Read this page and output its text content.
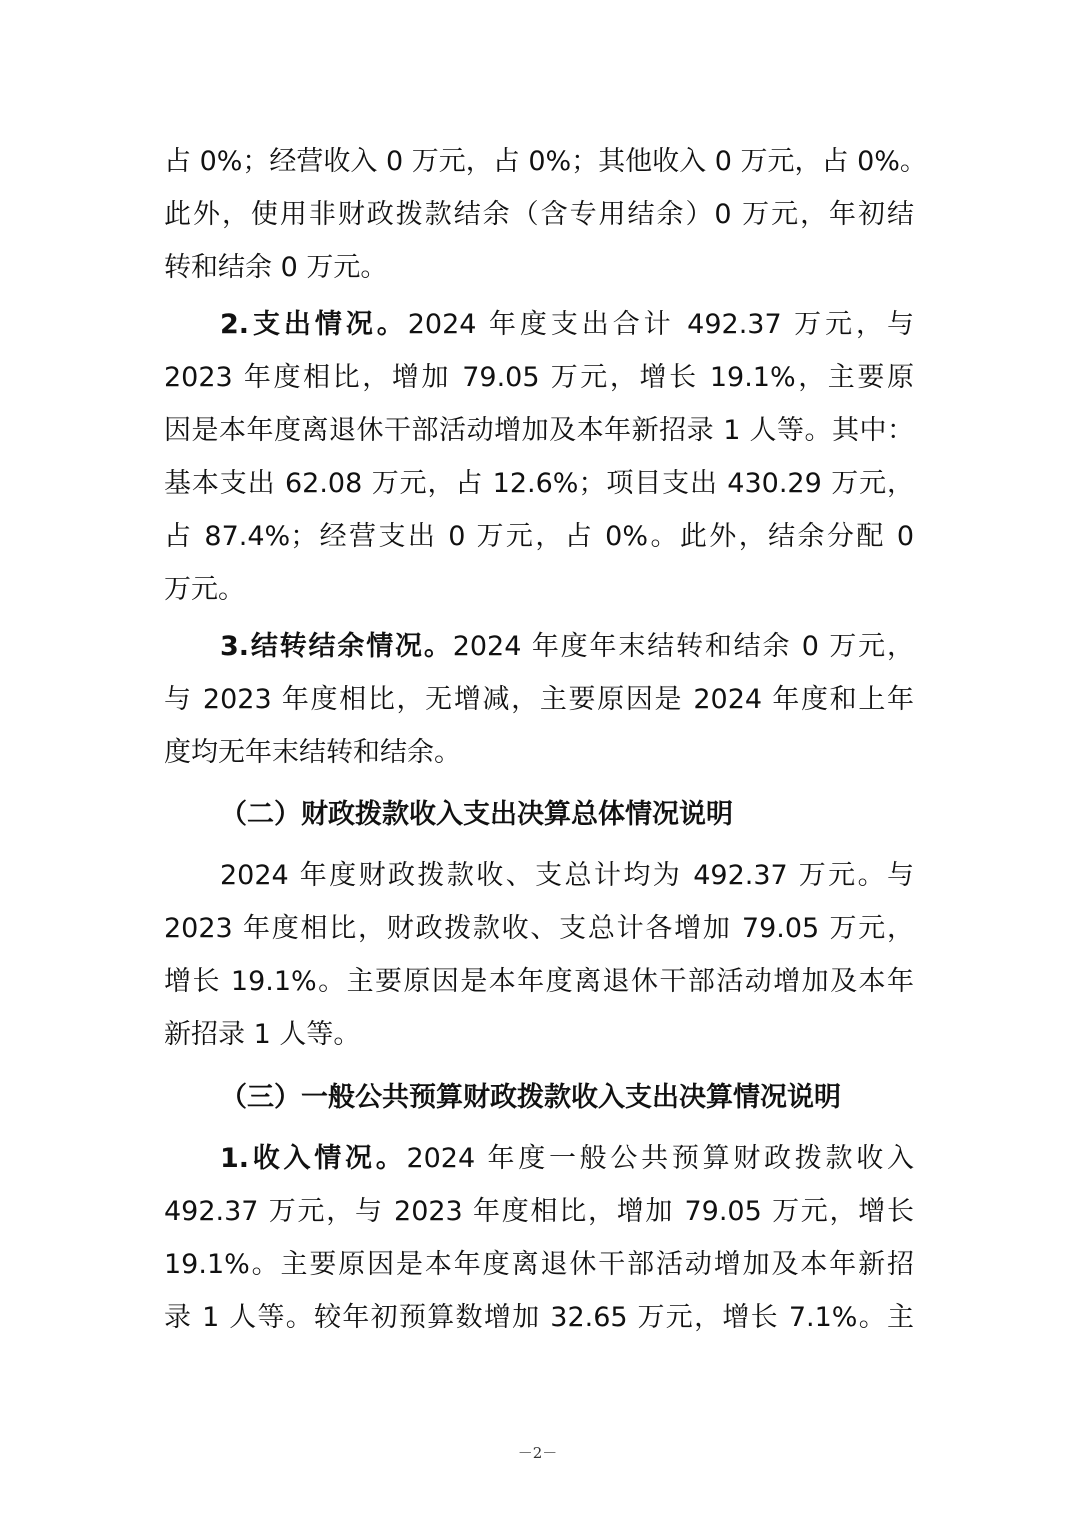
占 0%；经营收入 0 万元，占 0%；其他收入 0 万元，占 0%。
此外，使用非财政拨款结余（含专用结余）0 万元，年初结
转和结余 0 万元。
2.支出情况。2024 年度支出合计 492.37 万元，与
2023 年度相比，增加 79.05 万元，增长 19.1%，主要原
因是本年度离退休干部活动增加及本年新招录 1 人等。其中：
基本支出 62.08 万元，占 12.6%；项目支出 430.29 万元，
占 87.4%；经营支出 0 万元，占 0%。此外，结余分配 0
万元。
3.结转结余情况。2024 年度年末结转和结余 0 万元，
与 2023 年度相比，无增减，主要原因是 2024 年度和上年
度均无年末结转和结余。
（二）财政拨款收入支出决算总体情况说明
2024 年度财政拨款收、支总计均为 492.37 万元。与
2023 年度相比，财政拨款收、支总计各增加 79.05 万元，
增长 19.1%。主要原因是本年度离退休干部活动增加及本年
新招录 1 人等。
（三）一般公共预算财政拨款收入支出决算情况说明
1.收入情况。2024 年度一般公共预算财政拨款收入
492.37 万元，与 2023 年度相比，增加 79.05 万元，增长
19.1%。主要原因是本年度离退休干部活动增加及本年新招
录 1 人等。较年初预算数增加 32.65 万元，增长 7.1%。主
－2－
